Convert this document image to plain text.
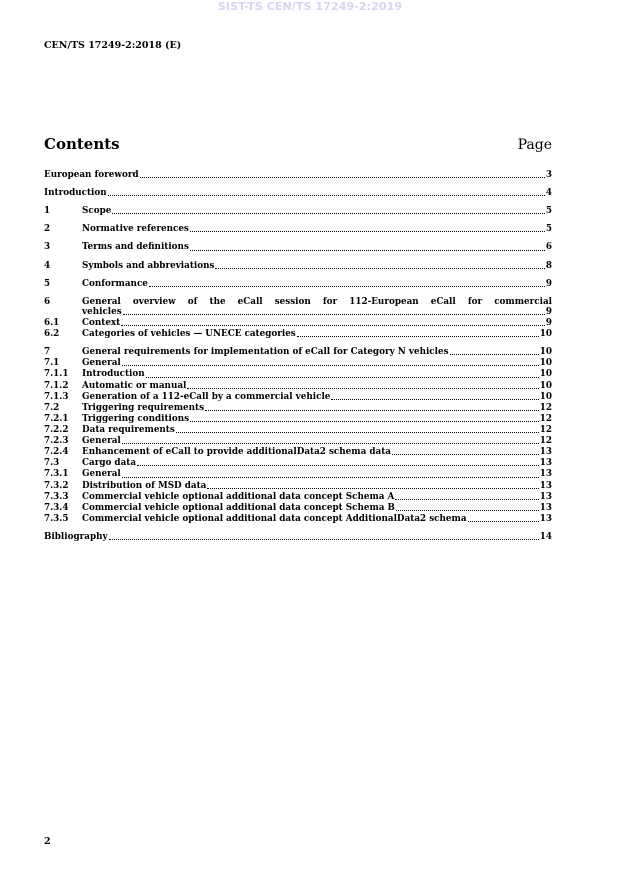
SIST-TS CEN/TS 17249-2:2019
CEN/TS 17249-2:2018 (E)
Contents	Page
European foreword	3
Introduction	4
1	Scope	5
2	Normative references	5
3	Terms and definitions	6
4	Symbols and abbreviations	8
5	Conformance	9
6	General overview of the eCall session for 112-European eCall for commercial
vehicles	9
6.1	Context	9
6.2	Categories of vehicles — UNECE categories	10
7	General requirements for implementation of eCall for Category N vehicles	10
7.1	General	10
7.1.1	Introduction	10
7.1.2	Automatic or manual	10
7.1.3	Generation of a 112-eCall by a commercial vehicle	10
7.2	Triggering requirements	12
7.2.1	Triggering conditions	12
7.2.2	Data requirements	12
7.2.3	General	12
7.2.4	Enhancement of eCall to provide additionalData2 schema data	13
7.3	Cargo data	13
7.3.1	General	13
7.3.2	Distribution of MSD data	13
7.3.3	Commercial vehicle optional additional data concept Schema A	13
7.3.4	Commercial vehicle optional additional data concept Schema B	13
7.3.5	Commercial vehicle optional additional data concept AdditionalData2 schema	13
Bibliography	14
2
